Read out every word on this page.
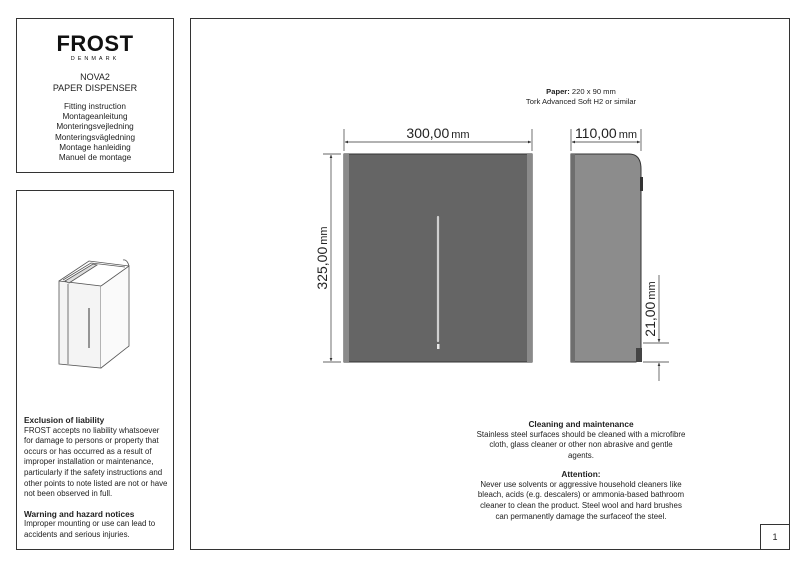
FROST
DENMARK
NOVA2
PAPER DISPENSER
Fitting instruction
Montageanleitung
Monteringsvejledning
Monteringsvägledning
Montage hanleiding
Manuel de montage
Exclusion of liability

FROST accepts no liability whatsoever for damage to persons or property that occurs or has occurred as a result of improper installation or maintenance, particularly if the safety instructions and other points to note listed are not or have not been observed in full.

Warning and hazard notices

Improper mounting or use can lead to accidents and serious injuries.

Paper: 220 x 90 mm
Tork Advanced Soft H2 or similar
300,00 mm
325,00mm
110,00 mm
21,00mm
Cleaning and maintenance

Stainless steel surfaces should be cleaned with a microfibre cloth, glass cleaner or other non abrasive and gentle agents.

Attention:

Never use solvents or aggressive household cleaners like bleach, acids (e.g. descalers) or ammonia-based bathroom cleaner to clean the product. Steel wool and hard brushes can permanently damage the surfaceof the steel.

1
